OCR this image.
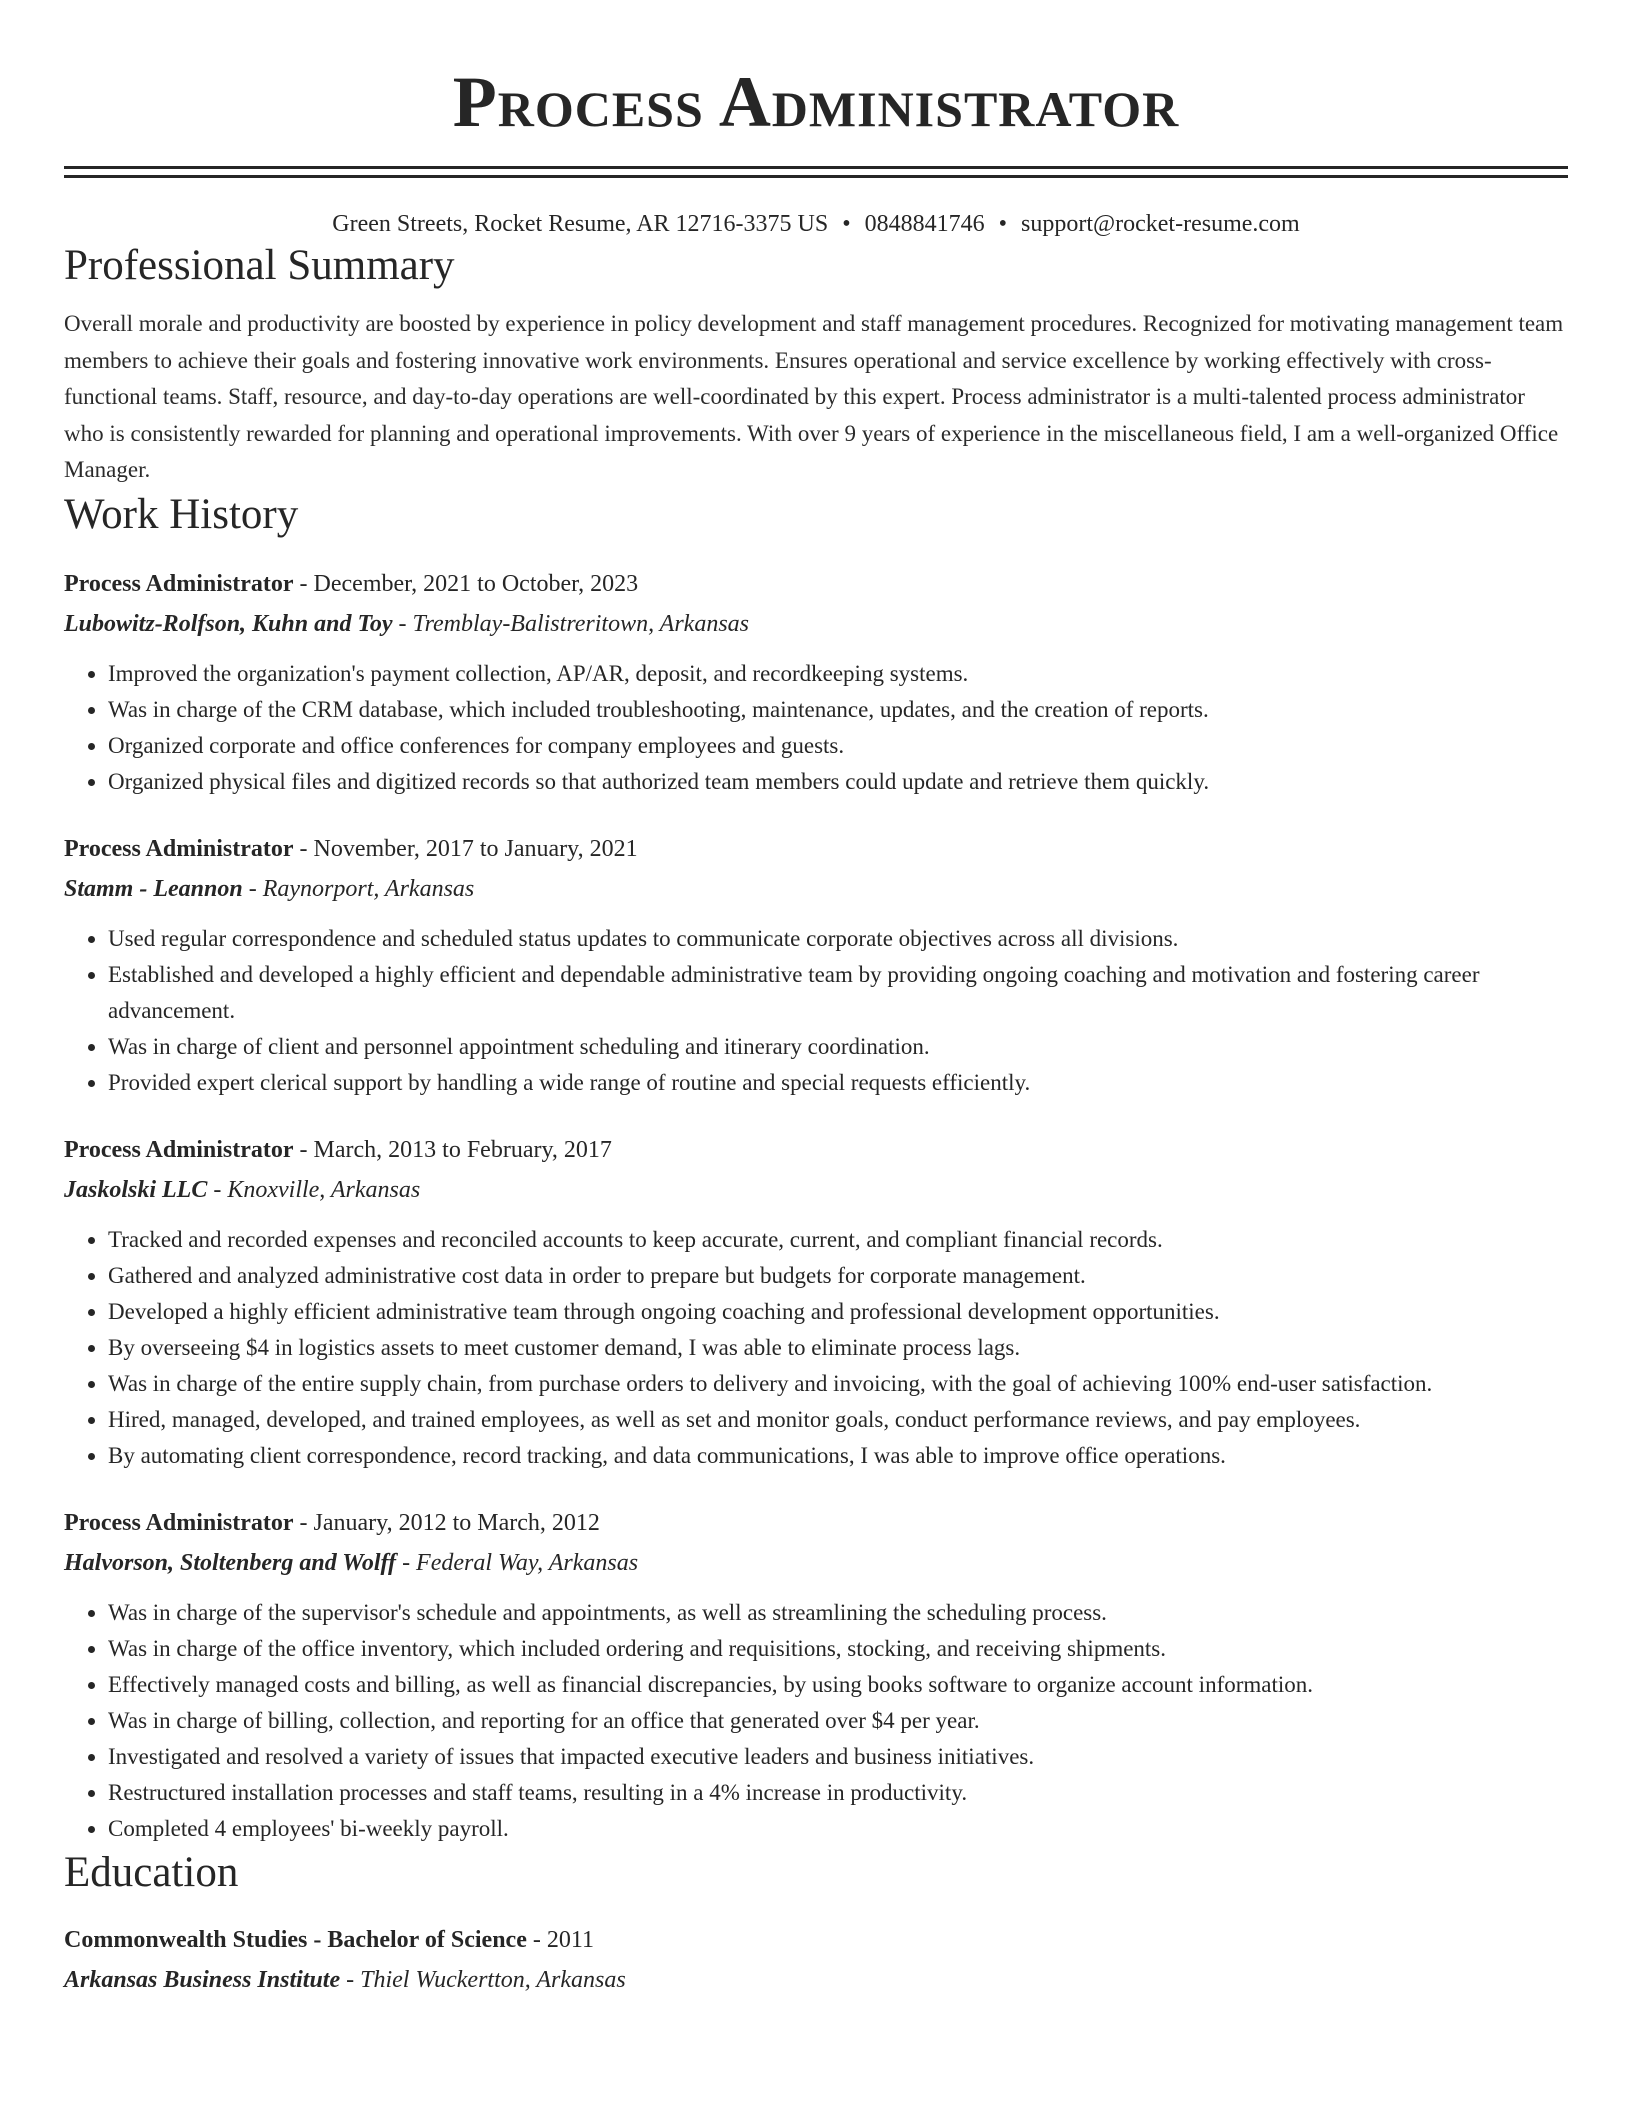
Process Administrator
Green Streets, Rocket Resume, AR 12716-3375 US • 0848841746 • support@rocket-resume.com
Professional Summary
Overall morale and productivity are boosted by experience in policy development and staff management procedures. Recognized for motivating management team members to achieve their goals and fostering innovative work environments. Ensures operational and service excellence by working effectively with cross-functional teams. Staff, resource, and day-to-day operations are well-coordinated by this expert. Process administrator is a multi-talented process administrator who is consistently rewarded for planning and operational improvements. With over 9 years of experience in the miscellaneous field, I am a well-organized Office Manager.
Work History
Process Administrator - December, 2021 to October, 2023
Lubowitz-Rolfson, Kuhn and Toy - Tremblay-Balistreritown, Arkansas
• Improved the organization's payment collection, AP/AR, deposit, and recordkeeping systems.
• Was in charge of the CRM database, which included troubleshooting, maintenance, updates, and the creation of reports.
• Organized corporate and office conferences for company employees and guests.
• Organized physical files and digitized records so that authorized team members could update and retrieve them quickly.
Process Administrator - November, 2017 to January, 2021
Stamm - Leannon - Raynorport, Arkansas
• Used regular correspondence and scheduled status updates to communicate corporate objectives across all divisions.
• Established and developed a highly efficient and dependable administrative team by providing ongoing coaching and motivation and fostering career advancement.
• Was in charge of client and personnel appointment scheduling and itinerary coordination.
• Provided expert clerical support by handling a wide range of routine and special requests efficiently.
Process Administrator - March, 2013 to February, 2017
Jaskolski LLC - Knoxville, Arkansas
• Tracked and recorded expenses and reconciled accounts to keep accurate, current, and compliant financial records.
• Gathered and analyzed administrative cost data in order to prepare but budgets for corporate management.
• Developed a highly efficient administrative team through ongoing coaching and professional development opportunities.
• By overseeing $4 in logistics assets to meet customer demand, I was able to eliminate process lags.
• Was in charge of the entire supply chain, from purchase orders to delivery and invoicing, with the goal of achieving 100% end-user satisfaction.
• Hired, managed, developed, and trained employees, as well as set and monitor goals, conduct performance reviews, and pay employees.
• By automating client correspondence, record tracking, and data communications, I was able to improve office operations.
Process Administrator - January, 2012 to March, 2012
Halvorson, Stoltenberg and Wolff - Federal Way, Arkansas
• Was in charge of the supervisor's schedule and appointments, as well as streamlining the scheduling process.
• Was in charge of the office inventory, which included ordering and requisitions, stocking, and receiving shipments.
• Effectively managed costs and billing, as well as financial discrepancies, by using books software to organize account information.
• Was in charge of billing, collection, and reporting for an office that generated over $4 per year.
• Investigated and resolved a variety of issues that impacted executive leaders and business initiatives.
• Restructured installation processes and staff teams, resulting in a 4% increase in productivity.
• Completed 4 employees' bi-weekly payroll.
Education
Commonwealth Studies - Bachelor of Science - 2011
Arkansas Business Institute - Thiel Wuckertton, Arkansas
